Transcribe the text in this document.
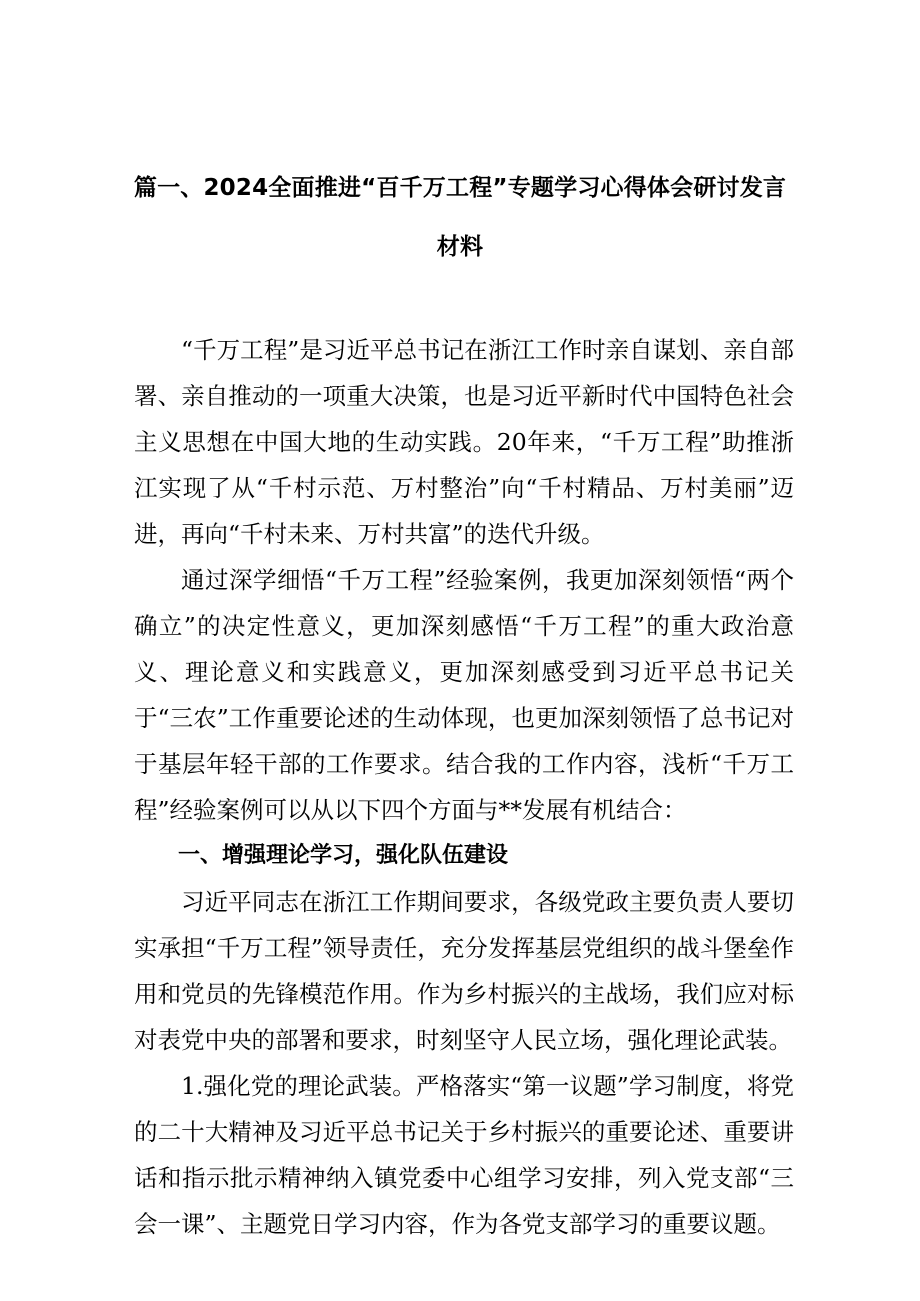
篇一、2024全面推进“百千万工程”专题学习心得体会研讨发言
材料

“千万工程”是习近平总书记在浙江工作时亲自谋划、亲自部署、亲自推动的一项重大决策，也是习近平新时代中国特色社会主义思想在中国大地的生动实践。20年来，“千万工程”助推浙江实现了从“千村示范、万村整治”向“千村精品、万村美丽”迈进，再向“千村未来、万村共富”的迭代升级。

通过深学细悟“千万工程”经验案例，我更加深刻领悟“两个确立”的决定性意义，更加深刻感悟“千万工程”的重大政治意义、理论意义和实践意义，更加深刻感受到习近平总书记关于“三农”工作重要论述的生动体现，也更加深刻领悟了总书记对于基层年轻干部的工作要求。结合我的工作内容，浅析“千万工程”经验案例可以从以下四个方面与**发展有机结合：

一、增强理论学习，强化队伍建设

习近平同志在浙江工作期间要求，各级党政主要负责人要切实承担“千万工程”领导责任，充分发挥基层党组织的战斗堡垒作用和党员的先锋模范作用。作为乡村振兴的主战场，我们应对标对表党中央的部署和要求，时刻坚守人民立场，强化理论武装。

1.强化党的理论武装。严格落实“第一议题”学习制度，将党的二十大精神及习近平总书记关于乡村振兴的重要论述、重要讲话和指示批示精神纳入镇党委中心组学习安排，列入党支部“三会一课”、主题党日学习内容，作为各党支部学习的重要议题。
